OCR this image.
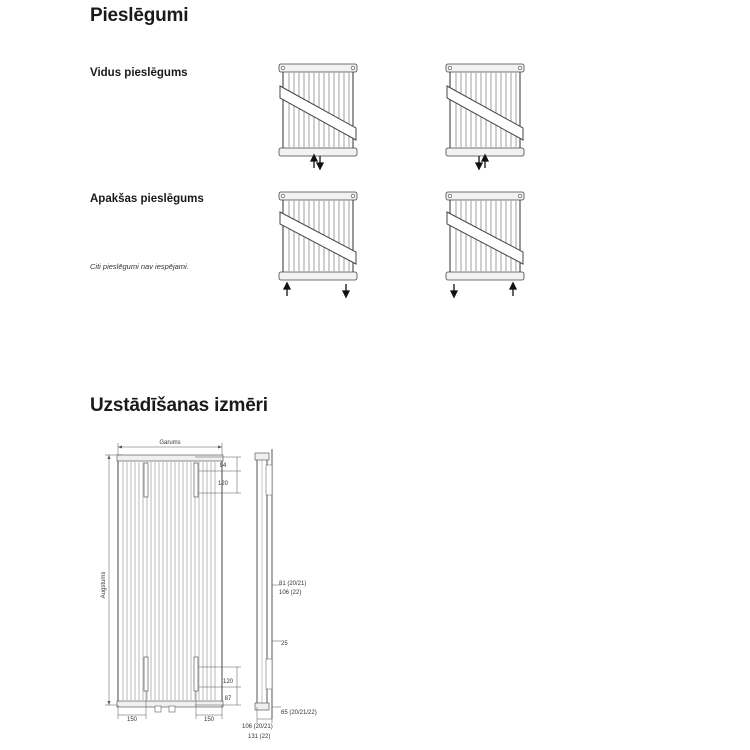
Pieslēgumi
Vidus pieslēgums
Apakšas pieslēgums
Citi pieslēgumi nav iespējami.
Uzstādīšanas izmēri
Garums
Augstums
94
120
120
87
150	150
81 (20/21)
106 (22)
25
65 (20/21/22)
106 (20/21)
131 (22)
